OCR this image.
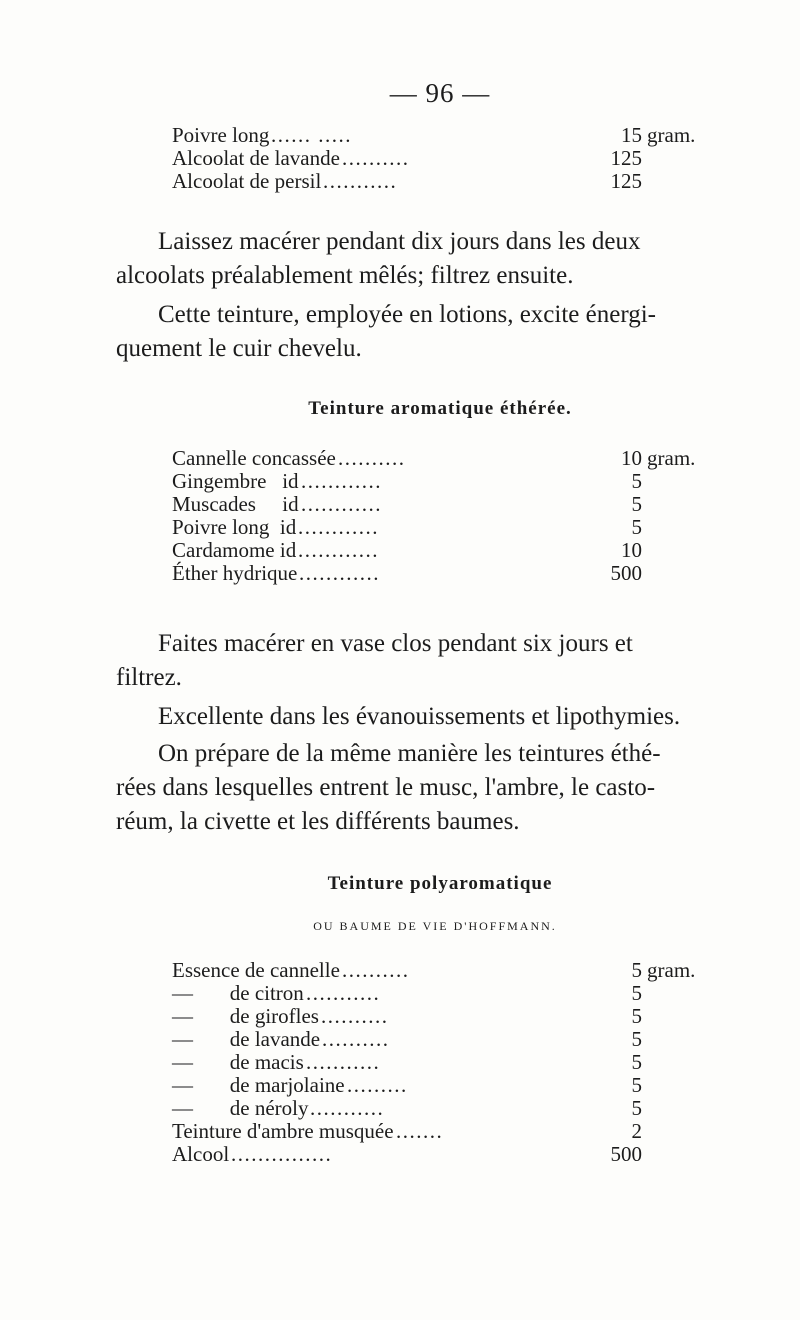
— 96 —
Poivre long ...... .....	15 gram.
Alcoolat de lavande ..........	125
Alcoolat de persil ...........	125

Laissez macérer pendant dix jours dans les deux
alcoolats préalablement mêlés; filtrez ensuite.

Cette teinture, employée en lotions, excite énergi-
quement le cuir chevelu.

Teinture aromatique éthérée.
Cannelle concassée ..........	10 gram.
Gingembre   id ............	5
Muscades     id ............	5
Poivre long  id ............	5
Cardamome id ............	10
Éther hydrique ............	500

Faites macérer en vase clos pendant six jours et
filtrez.

Excellente dans les évanouissements et lipothymies.

On prépare de la même manière les teintures éthé-
rées dans lesquelles entrent le musc, l'ambre, le casto-
réum, la civette et les différents baumes.

Teinture polyaromatique
OU BAUME DE VIE D'HOFFMANN.
Essence de cannelle ..........	5 gram.
—       de citron ...........	5
—       de girofles ..........	5
—       de lavande ..........	5
—       de macis ...........	5
—       de marjolaine .........	5
—       de néroly ...........	5
Teinture d'ambre musquée .......	2
Alcool ...............	500
